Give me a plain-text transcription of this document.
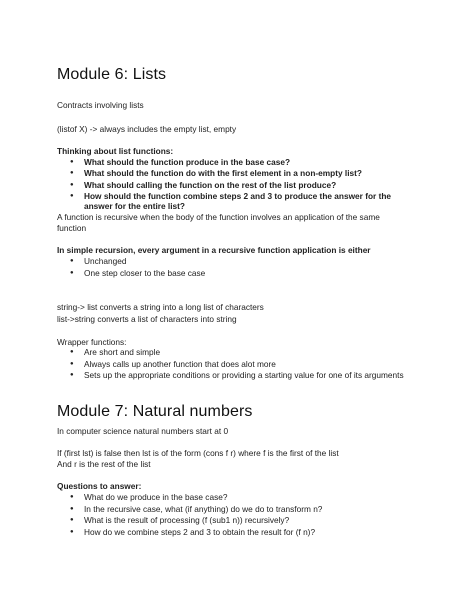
Module 6: Lists
Contracts involving lists
(listof X) -> always includes the empty list, empty
Thinking about list functions:
● What should the function produce in the base case?
● What should the function do with the first element in a non-empty list?
● What should calling the function on the rest of the list produce?
● How should the function combine steps 2 and 3 to produce the answer for the
answer for the entire list?
A function is recursive when the body of the function involves an application of the same
function
In simple recursion, every argument in a recursive function application is either
● Unchanged
● One step closer to the base case
string-> list converts a string into a long list of characters
list->string converts a list of characters into string
Wrapper functions:
● Are short and simple
● Always calls up another function that does alot more
● Sets up the appropriate conditions or providing a starting value for one of its arguments
Module 7: Natural numbers
In computer science natural numbers start at 0
If (first lst) is false then lst is of the form (cons f r) where f is the first of the list
And r is the rest of the list
Questions to answer:
● What do we produce in the base case?
● In the recursive case, what (if anything) do we do to transform n?
● What is the result of processing (f (sub1 n)) recursively?
● How do we combine steps 2 and 3 to obtain the result for (f n)?
